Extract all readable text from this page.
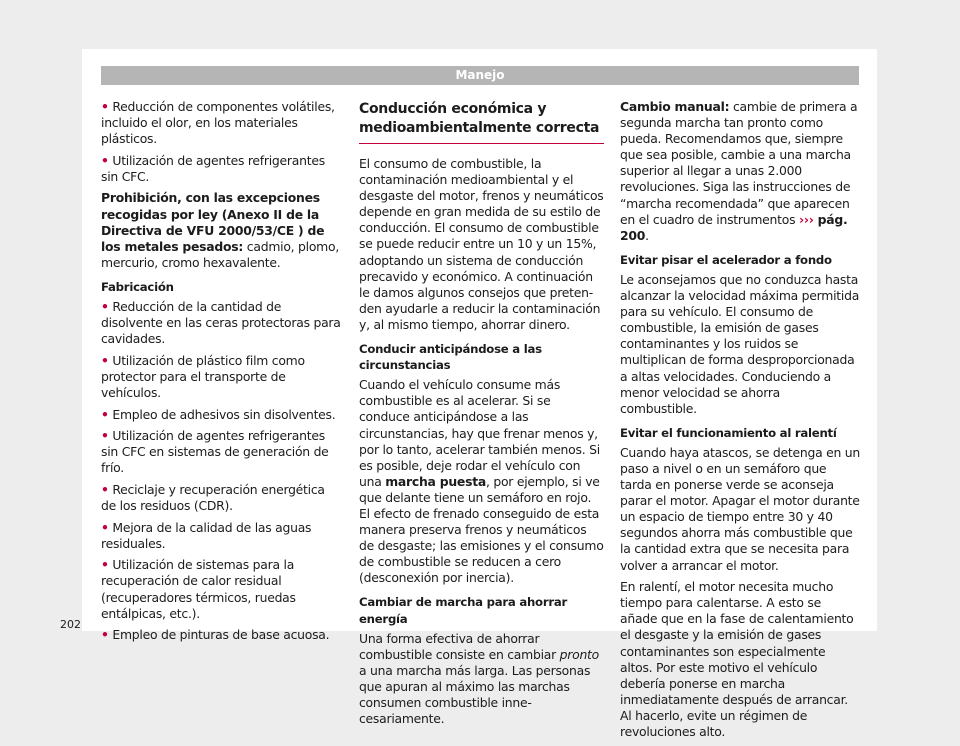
Manejo

• Reducción de componentes volátiles, incluido el olor, en los materiales plásticos.

• Utilización de agentes refrigerantes sin CFC.

Prohibición, con las excepciones recogidas por ley (Anexo II de la Directiva de VFU 2000/53/CE ) de los metales pesados: cadmio, plomo, mercurio, cromo hexavalente.

Fabricación

• Reducción de la cantidad de disolvente en las ceras protectoras para cavidades.

• Utilización de plástico film como protector para el transporte de vehículos.

• Empleo de adhesivos sin disolventes.

• Utilización de agentes refrigerantes sin CFC en sistemas de generación de frío.

• Reciclaje y recuperación energética de los residuos (CDR).

• Mejora de la calidad de las aguas residuales.

• Utilización de sistemas para la recuperación de calor residual (recuperadores térmicos, ruedas entálpicas, etc.).

• Empleo de pinturas de base acuosa.

Conducción económica y medioambientalmente correcta

El consumo de combustible, la contaminación medioambiental y el desgaste del motor, frenos y neumáticos depende en gran medida de su estilo de conducción. El consumo de combustible se puede reducir entre un 10 y un 15%, adoptando un sistema de conducción precavido y económico. A continuación le damos algunos consejos que pretenden ayudarle a reducir la contaminación y, al mismo tiempo, ahorrar dinero.

Conducir anticipándose a las circunstancias

Cuando el vehículo consume más combustible es al acelerar. Si se conduce anticipándose a las circunstancias, hay que frenar menos y, por lo tanto, acelerar también menos. Si es posible, deje rodar el vehículo con una marcha puesta, por ejemplo, si ve que delante tiene un semáforo en rojo. El efecto de frenado conseguido de esta manera preserva frenos y neumáticos de desgaste; las emisiones y el consumo de combustible se reducen a cero (desconexión por inercia).

Cambiar de marcha para ahorrar energía

Una forma efectiva de ahorrar combustible consiste en cambiar pronto a una marcha más larga. Las personas que apuran al máximo las marchas consumen combustible innecesariamente.

Cambio manual: cambie de primera a segunda marcha tan pronto como pueda. Recomendamos que, siempre que sea posible, cambie a una marcha superior al llegar a unas 2.000 revoluciones. Siga las instrucciones de “marcha recomendada” que aparecen en el cuadro de instrumentos ››› pág. 200.

Evitar pisar el acelerador a fondo

Le aconsejamos que no conduzca hasta alcanzar la velocidad máxima permitida para su vehículo. El consumo de combustible, la emisión de gases contaminantes y los ruidos se multiplican de forma desproporcionada a altas velocidades. Conduciendo a menor velocidad se ahorra combustible.

Evitar el funcionamiento al ralentí

Cuando haya atascos, se detenga en un paso a nivel o en un semáforo que tarda en ponerse verde se aconseja parar el motor. Apagar el motor durante un espacio de tiempo entre 30 y 40 segundos ahorra más combustible que la cantidad extra que se necesita para volver a arrancar el motor.

En ralentí, el motor necesita mucho tiempo para calentarse. A esto se añade que en la fase de calentamiento el desgaste y la emisión de gases contaminantes son especialmente altos. Por este motivo el vehículo debería ponerse en marcha inmediatamente después de arrancar. Al hacerlo, evite un régimen de revoluciones alto.

202
